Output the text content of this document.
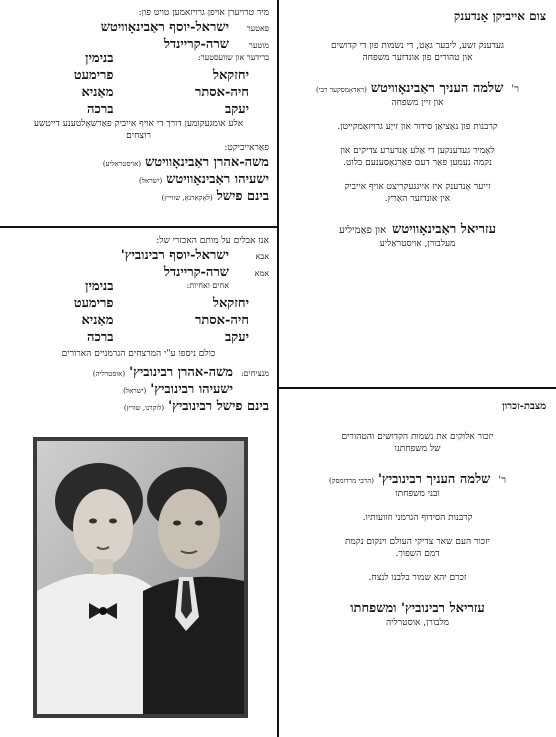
מיר טרויערן אויפן גרויזאמען טויט פון:
פאטער
ישראל-יוסף ראַבינאָוויטש
מוטער
שרה-קריינדל
ברידער און שוועסטער:
בנימין
יחזקאל
פרימעט
חיה-אסתר
מאַניא
יעקב
ברכה
אלע אומגעקומען דורך די אויף אייביק פאַרשאָלטענע דייטשע רוצחים
פאַראייביקט:
משה-אהרן ראַבינאָוויטש
(אויסטראַליע)
ישעיהו ראַבינאָוויטש
(ישראל)
בינם פישל
(לאָקאַרנאָ, שווייץ)
אנו אבלים על מותם האכזרי של:
אבא
ישראל-יוסף רבינוביץ'
אמא
שרה-קריינדל
אחים ואחיות:
בנימין
יחזקאל
פרימעט
חיה-אסתר
מאַניא
יעקב
ברכה
כולם ניספו ע"י המרצחים הגרמניים הארורים
מנציחים:
משה-אהרן רבינוביץ'
(אוסטרליה)
ישעיהו רבינוביץ'
(ישראל)
בינם פישל רבינוביץ'
(לוקרנו, שוויץ)
צום אייביקן אָנדענק
געדענק זשע, ליבער גאָט, די נשמות פון די קדושים
און טהורים פון אונדזער משפחה
ר'
שלמה העניך ראַבינאָוויטש
(ראַדאָמסקער רבי)
און זיין משפחה
קרבנות פון נאַציאַן סידור און זייַע גרויזאַמקייטן.
לאָמיר געדענקען די אַלע אַנדערע צדיקים און
נקמה נעמען פאַר דעם פאַרגאָסענעם בלוט.
זייער אָנדענק איז איינגעקריצט אויף אייביק
אין אונדזער האַרץ.
עזריאל ראַבינאָוויטש
און פאַמיליע
מעלבורן, אויסטראַליע
מצבת-זכרון
יזכור אלוקים את נשמות הקדושים והטהורים
של משפחתנו
ר'
שלמה העניך רבינוביץ'
(הרבי מרדומסק)
ובני משפחתו
קרבנות הסידוף הגרמני וזוועותיו.
יזכור העם שאר צדיקי העולם וינקום נקמת
דמם השפוך.
זכרם יהא שמור בלבנו לנצח.
עזריאל רבינוביץ' ומשפחתו
מלבורן, אוסטרליה
